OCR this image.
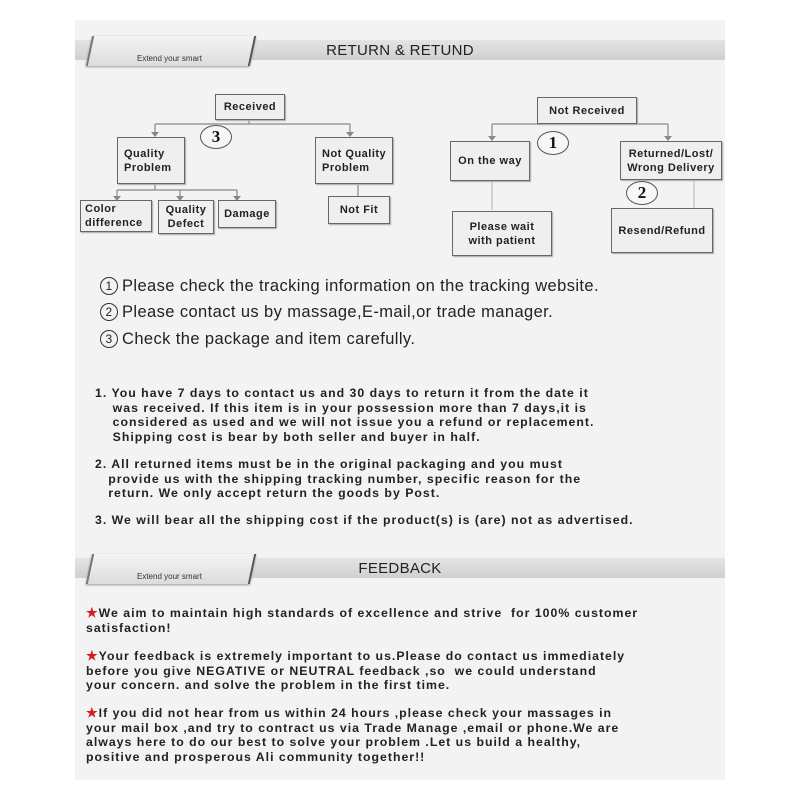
Extend your smart	RETURN & RETUND
Received
3
Quality
Problem
Not Quality
Problem
Color
difference
Quality
Defect
Damage	Not Fit
Not Received
1
On the way
Returned/Lost/
Wrong Delivery
2
Please wait
with patient
Resend/Refund
1 Please check the tracking information on the tracking website.
2 Please contact us by massage,E-mail,or trade manager.
3 Check the package and item carefully.
1. You have 7 days to contact us and 30 days to return it from the date it
was received. If this item is in your possession more than 7 days,it is
considered as used and we will not issue you a refund or replacement.
Shipping cost is bear by both seller and buyer in half.
2. All returned items must be in the original packaging and you must
provide us with the shipping tracking number, specific reason for the
return. We only accept return the goods by Post.
3. We will bear all the shipping cost if the product(s) is (are) not as advertised.
Extend your smart	FEEDBACK
★We aim to maintain high standards of excellence and strive  for 100% customer
satisfaction!
★Your feedback is extremely important to us.Please do contact us immediately
before you give NEGATIVE or NEUTRAL feedback ,so  we could understand
your concern. and solve the problem in the first time.
★If you did not hear from us within 24 hours ,please check your massages in
your mail box ,and try to contract us via Trade Manage ,email or phone.We are
always here to do our best to solve your problem .Let us build a healthy,
positive and prosperous Ali community together!!
